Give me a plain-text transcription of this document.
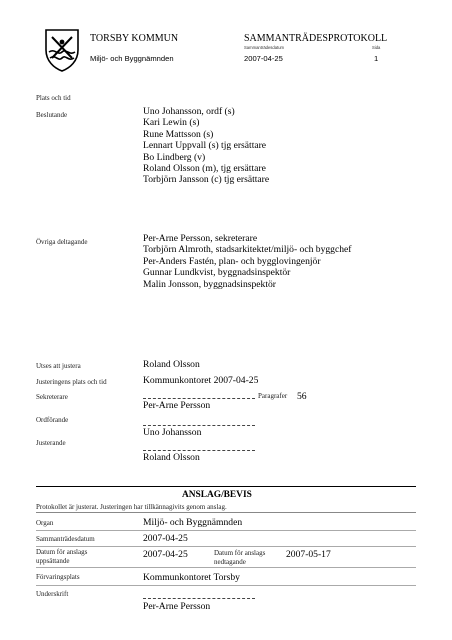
TORSBY KOMMUN	SAMMANTRÄDESPROTOKOLL
Sammanträdesdatum	Sida
Miljö- och Byggnämnden	2007-04-25	1
Plats och tid
Beslutande	Uno Johansson, ordf (s)
Kari Lewin (s)
Rune Mattsson (s)
Lennart Uppvall (s) tjg ersättare
Bo Lindberg (v)
Roland Olsson (m), tjg ersättare
Torbjörn Jansson (c) tjg ersättare
Övriga deltagande	Per-Arne Persson, sekreterare
Torbjörn Almroth, stadsarkitektet/miljö- och byggchef
Per-Anders Fastén, plan- och bygglovingenjör
Gunnar Lundkvist, byggnadsinspektör
Malin Jonsson, byggnadsinspektör
Utses att justera	Roland Olsson
Justeringens plats och tid	Kommunkontoret 2007-04-25
Sekreterare	Paragrafer 56
Per-Arne Persson
Ordförande
Uno Johansson
Justerande
Roland Olsson
ANSLAG/BEVIS
Protokollet är justerat. Justeringen har tillkännagivits genom anslag.
Organ	Miljö- och Byggnämnden
Sammanträdesdatum	2007-04-25
Datum för anslags
uppsättande
2007-04-25	Datum för anslags
nedtagande
2007-05-17
Förvaringsplats	Kommunkontoret Torsby
Underskrift
Per-Arne Persson
